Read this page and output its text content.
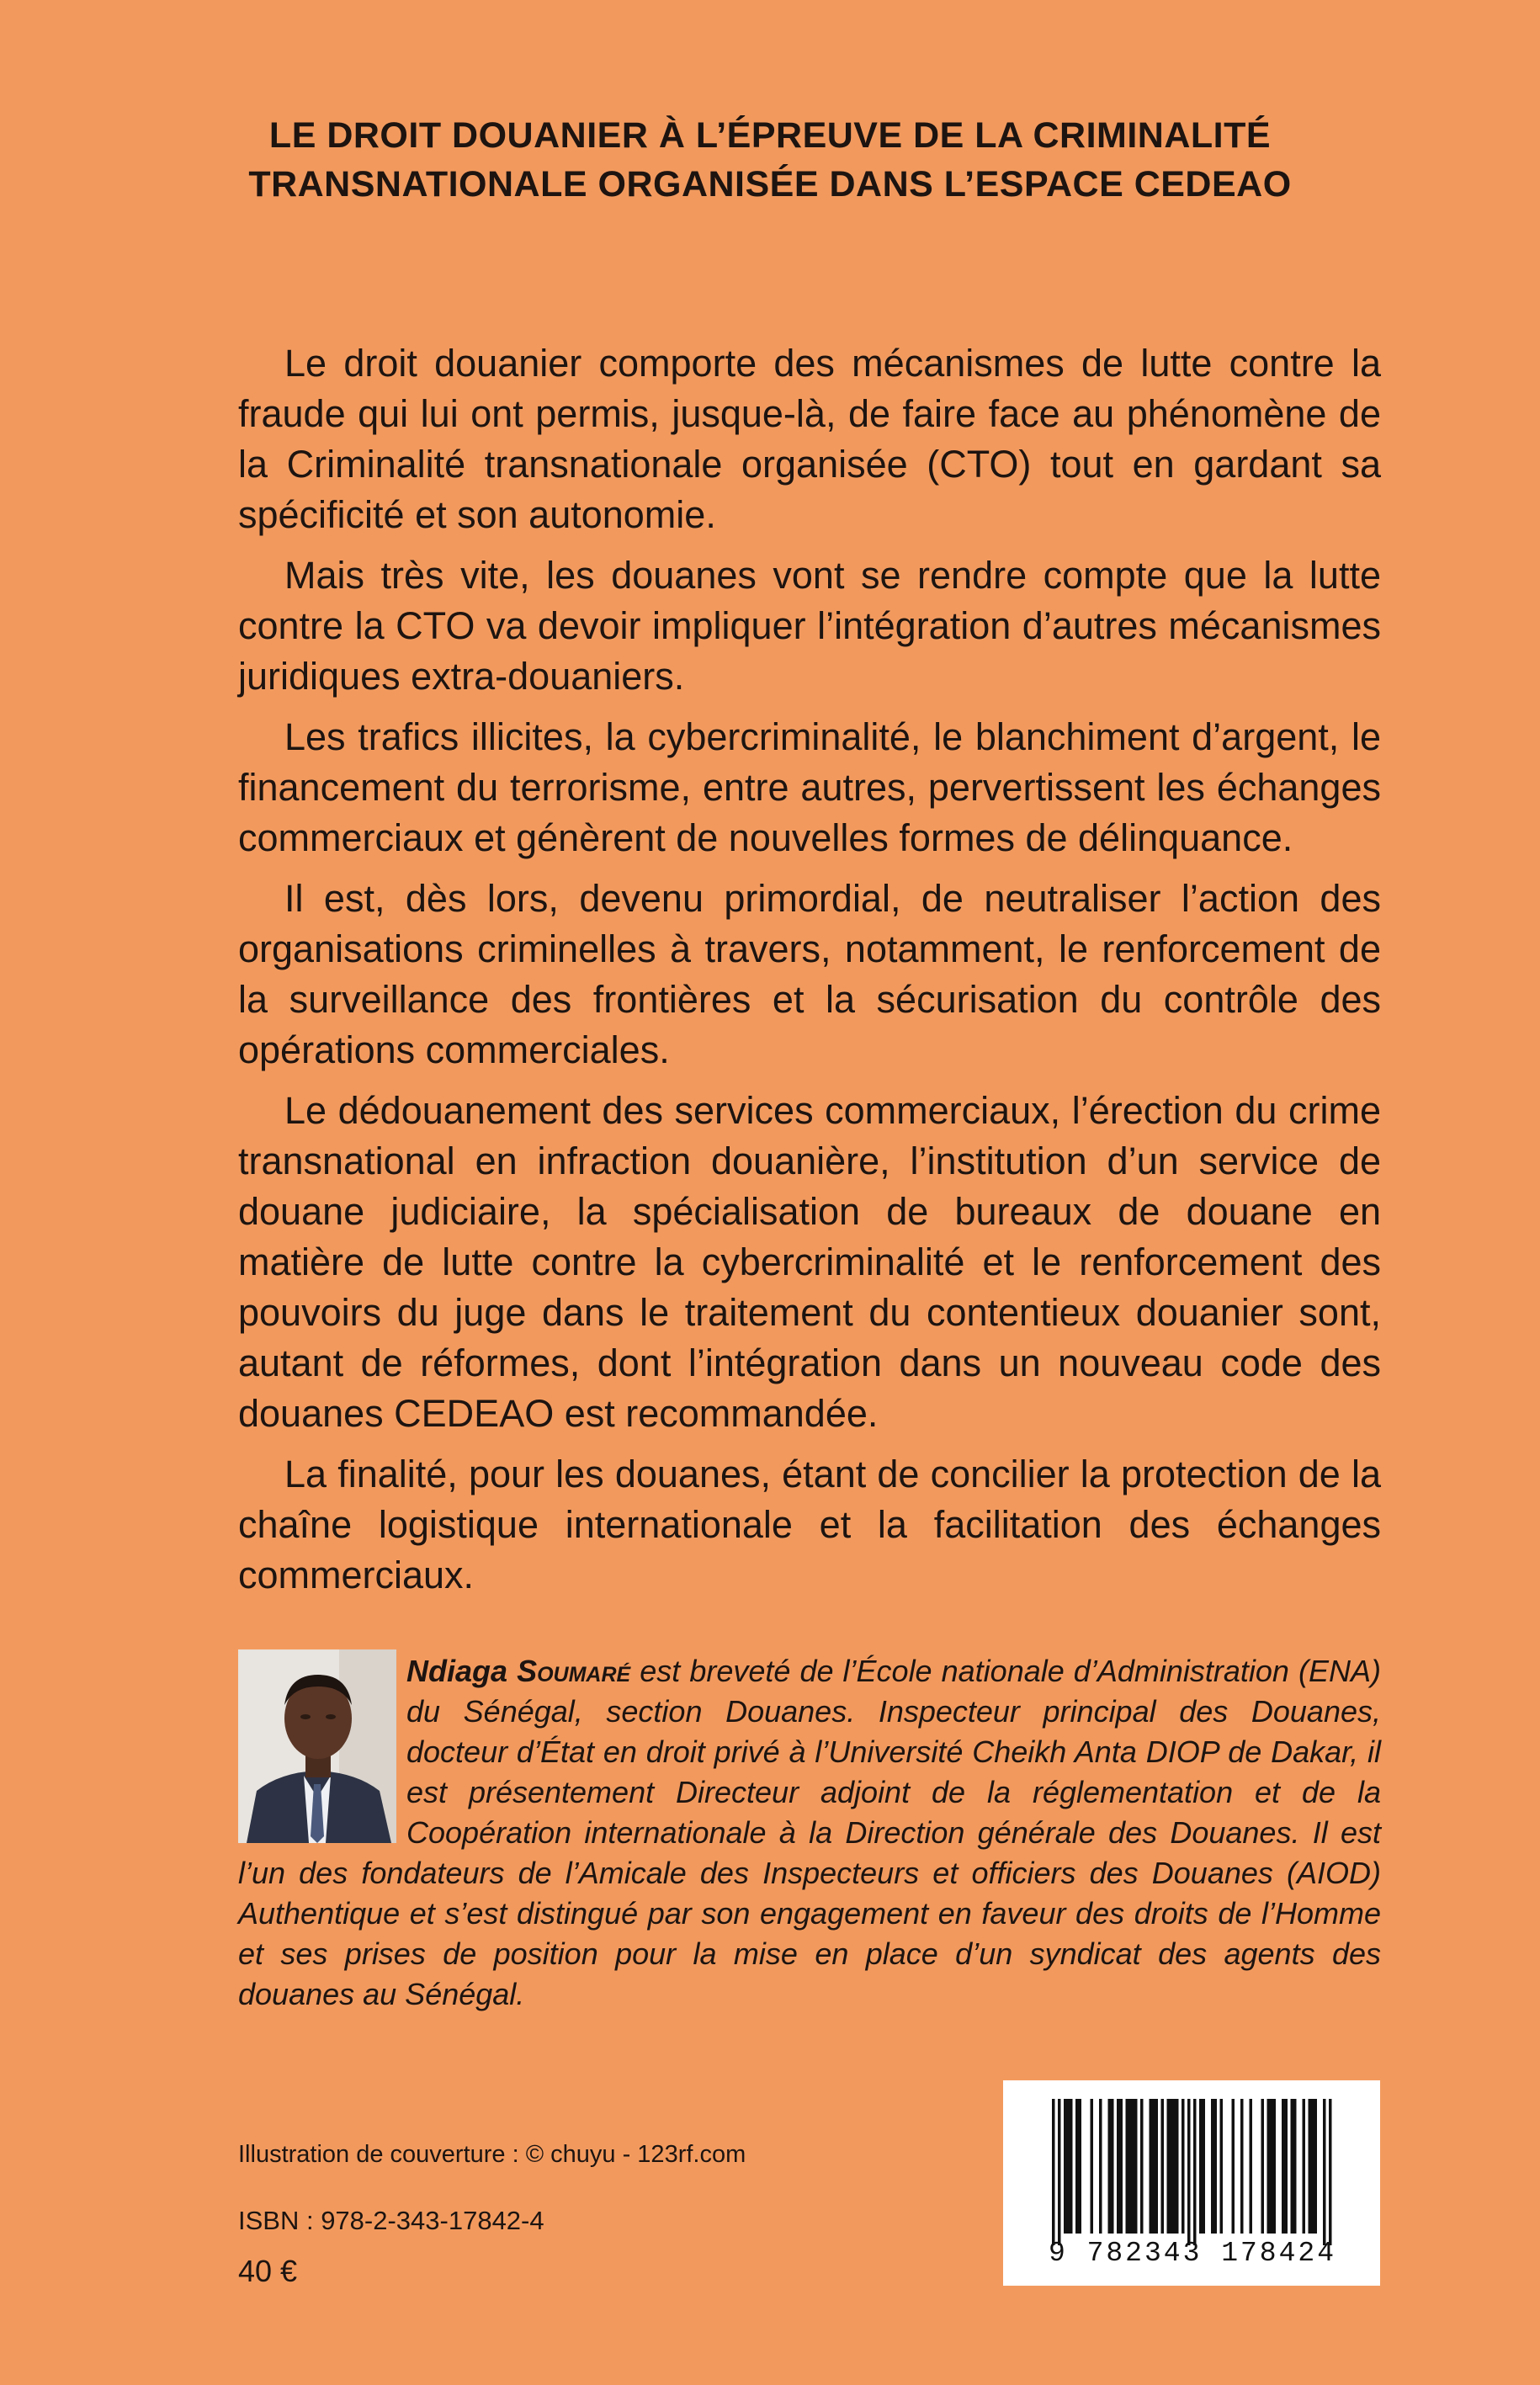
LE DROIT DOUANIER À L’ÉPREUVE DE LA CRIMINALITÉ
TRANSNATIONALE ORGANISÉE DANS L’ESPACE CEDEAO

Le droit douanier comporte des mécanismes de lutte contre la fraude qui lui ont permis, jusque-là, de faire face au phénomène de la Criminalité transnationale organisée (CTO) tout en gardant sa spécificité et son autonomie.

Mais très vite, les douanes vont se rendre compte que la lutte contre la CTO va devoir impliquer l’intégration d’autres mécanismes juridiques extra-douaniers.

Les trafics illicites, la cybercriminalité, le blanchiment d’argent, le financement du terrorisme, entre autres, pervertissent les échanges commerciaux et génèrent de nouvelles formes de délinquance.

Il est, dès lors, devenu primordial, de neutraliser l’action des organisations criminelles à travers, notamment, le renforcement de la surveillance des frontières et la sécurisation du contrôle des opérations commerciales.

Le dédouanement des services commerciaux, l’érection du crime transnational en infraction douanière, l’institution d’un service de douane judiciaire, la spécialisation de bureaux de douane en matière de lutte contre la cybercriminalité et le renforcement des pouvoirs du juge dans le traitement du contentieux douanier sont, autant de réformes, dont l’intégration dans un nouveau code des douanes CEDEAO est recommandée.

La finalité, pour les douanes, étant de concilier la protection de la chaîne logistique internationale et la facilitation des échanges commerciaux.

Ndiaga Soumaré est breveté de l’École nationale d’Administration (ENA) du Sénégal, section Douanes. Inspecteur principal des Douanes, docteur d’État en droit privé à l’Université Cheikh Anta DIOP de Dakar, il est présentement Directeur adjoint de la réglementation et de la Coopération internationale à la Direction générale des Douanes. Il est l’un des fondateurs de l’Amicale des Inspecteurs et officiers des Douanes (AIOD) Authentique et s’est distingué par son engagement en faveur des droits de l’Homme et ses prises de position pour la mise en place d’un syndicat des agents des douanes au Sénégal.
Illustration de couverture : © chuyu - 123rf.com
ISBN : 978-2-343-17842-4
40 €
9 782343 178424
